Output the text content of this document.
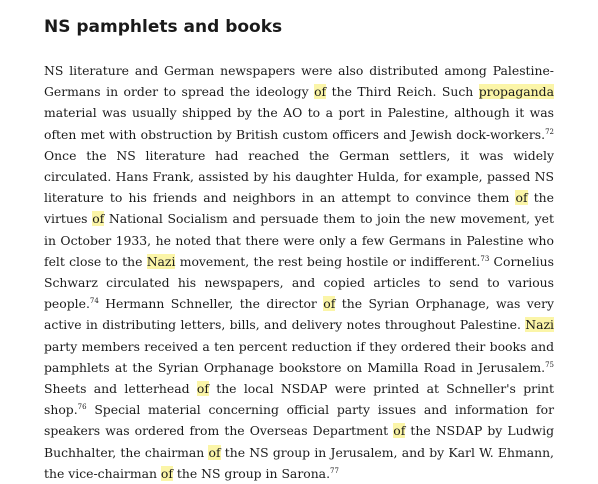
NS pamphlets and books

NS literature and German newspapers were also distributed among Palestine-Germans in order to spread the ideology of the Third Reich. Such propaganda material was usually shipped by the AO to a port in Palestine, although it was often met with obstruction by British custom officers and Jewish dock-workers.$^{72}$ Once the NS literature had reached the German settlers, it was widely circulated. Hans Frank, assisted by his daughter Hulda, for example, passed NS literature to his friends and neighbors in an attempt to convince them of the virtues of National Socialism and persuade them to join the new movement, yet in October 1933, he noted that there were only a few Germans in Palestine who felt close to the Nazi movement, the rest being hostile or indifferent.$^{73}$ Cornelius Schwarz circulated his newspapers, and copied articles to send to various people.$^{74}$ Hermann Schneller, the director of the Syrian Orphanage, was very active in distributing letters, bills, and delivery notes throughout Palestine. Nazi party members received a ten percent reduction if they ordered their books and pamphlets at the Syrian Orphanage bookstore on Mamilla Road in Jerusalem.$^{75}$ Sheets and letterhead of the local NSDAP were printed at Schneller's print shop.$^{76}$ Special material concerning official party issues and information for speakers was ordered from the Overseas Department of the NSDAP by Ludwig Buchhalter, the chairman of the NS group in Jerusalem, and by Karl W. Ehmann, the vice-chairman of the NS group in Sarona.$^{77}$
